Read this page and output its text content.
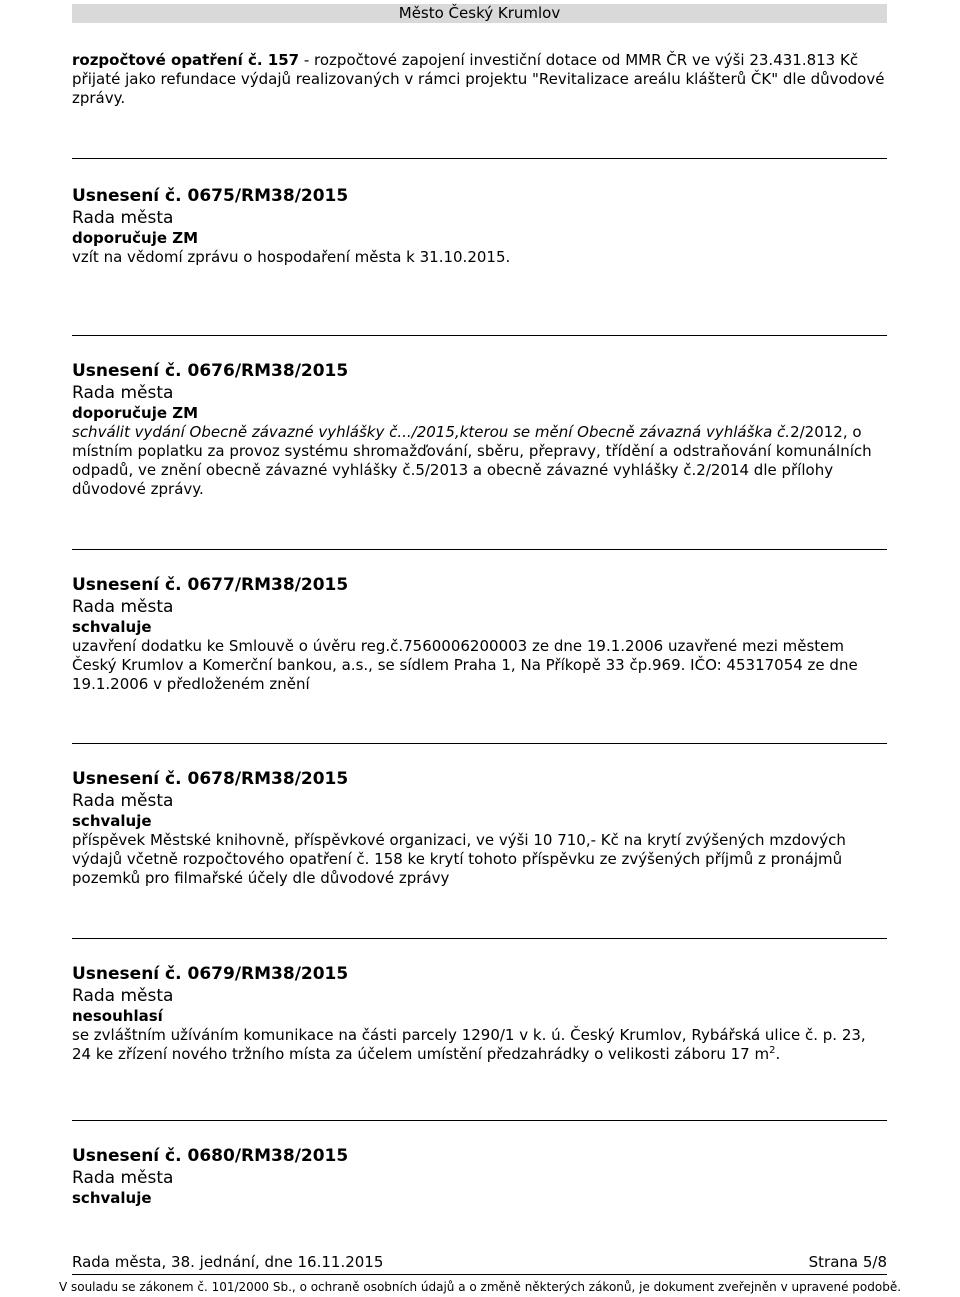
Město Český Krumlov
rozpočtové opatření č. 157 - rozpočtové zapojení investiční dotace od MMR ČR ve výši 23.431.813 Kč přijaté jako refundace výdajů realizovaných v rámci projektu "Revitalizace areálu klášterů ČK" dle důvodové zprávy.
Usnesení č. 0675/RM38/2015
Rada města
doporučuje ZM
vzít na vědomí zprávu o hospodaření města k 31.10.2015.
Usnesení č. 0676/RM38/2015
Rada města
doporučuje ZM
schválit vydání Obecně závazné vyhlášky č.../2015,kterou se mění Obecně závazná vyhláška č.2/2012, o místním poplatku za provoz systému shromažďování, sběru, přepravy, třídění a odstraňování komunálních odpadů, ve znění obecně závazné vyhlášky č.5/2013 a obecně závazné vyhlášky č.2/2014 dle přílohy důvodové zprávy.
Usnesení č. 0677/RM38/2015
Rada města
schvaluje
uzavření dodatku ke Smlouvě o úvěru reg.č.7560006200003 ze dne 19.1.2006 uzavřené mezi městem Český Krumlov a Komerční bankou, a.s., se sídlem Praha 1, Na Příkopě 33 čp.969. IČO: 45317054 ze dne 19.1.2006 v předloženém znění
Usnesení č. 0678/RM38/2015
Rada města
schvaluje
příspěvek Městské knihovně, příspěvkové organizaci, ve výši 10 710,- Kč na krytí zvýšených mzdových výdajů včetně rozpočtového opatření č. 158 ke krytí tohoto příspěvku ze zvýšených příjmů z pronájmů pozemků pro filmařské účely dle důvodové zprávy
Usnesení č. 0679/RM38/2015
Rada města
nesouhlasí
se zvláštním užíváním komunikace na části parcely 1290/1 v k. ú. Český Krumlov, Rybářská ulice č. p. 23, 24 ke zřízení nového tržního místa za účelem umístění předzahrádky o velikosti záboru 17 $m^2$.
Usnesení č. 0680/RM38/2015
Rada města
schvaluje
Rada města, 38. jednání, dne 16.11.2015	Strana 5/8
V souladu se zákonem č. 101/2000 Sb., o ochraně osobních údajů a o změně některých zákonů, je dokument zveřejněn v upravené podobě.
